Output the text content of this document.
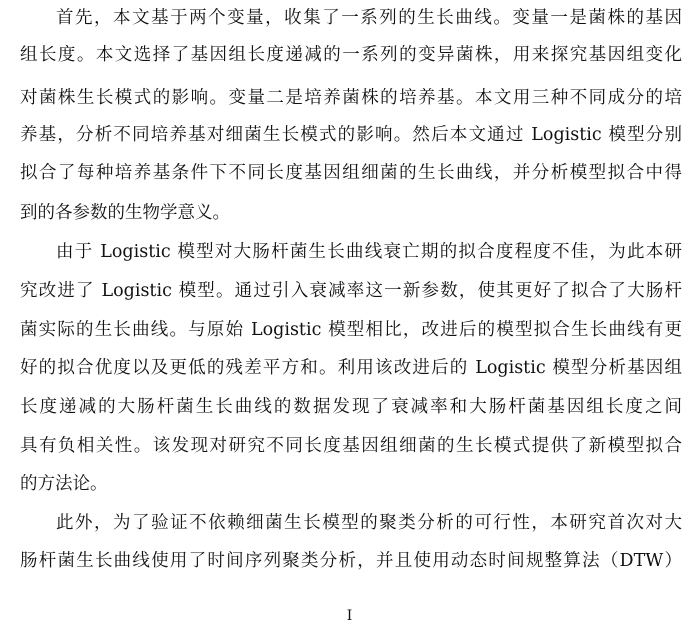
首先，本文基于两个变量，收集了一系列的生长曲线。变量一是菌株的基因
组长度。本文选择了基因组长度递减的一系列的变异菌株，用来探究基因组变化
对菌株生长模式的影响。变量二是培养菌株的培养基。本文用三种不同成分的培
养基，分析不同培养基对细菌生长模式的影响。然后本文通过 Logistic 模型分别
拟合了每种培养基条件下不同长度基因组细菌的生长曲线，并分析模型拟合中得
到的各参数的生物学意义。
由于 Logistic 模型对大肠杆菌生长曲线衰亡期的拟合度程度不佳，为此本研
究改进了 Logistic 模型。通过引入衰减率这一新参数，使其更好了拟合了大肠杆
菌实际的生长曲线。与原始 Logistic 模型相比，改进后的模型拟合生长曲线有更
好的拟合优度以及更低的残差平方和。利用该改进后的 Logistic 模型分析基因组
长度递减的大肠杆菌生长曲线的数据发现了衰减率和大肠杆菌基因组长度之间
具有负相关性。该发现对研究不同长度基因组细菌的生长模式提供了新模型拟合
的方法论。
此外，为了验证不依赖细菌生长模型的聚类分析的可行性，本研究首次对大
肠杆菌生长曲线使用了时间序列聚类分析，并且使用动态时间规整算法（DTW）
I
